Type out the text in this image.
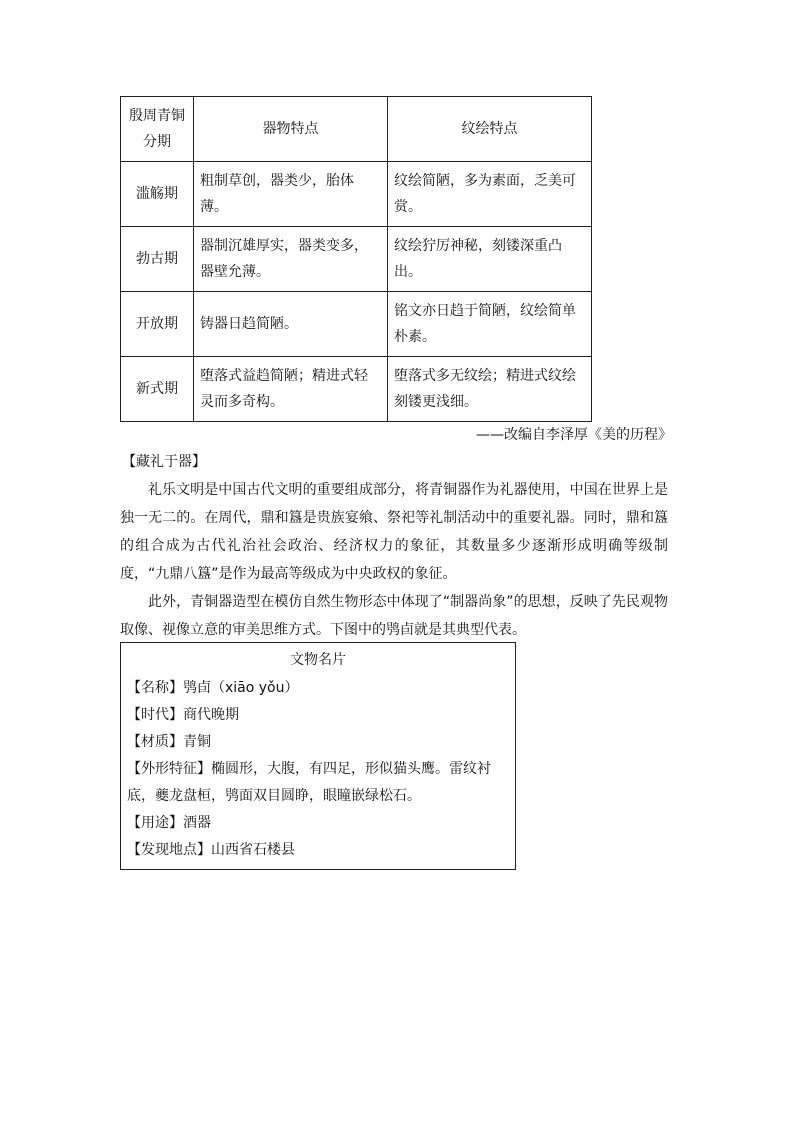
殷周青铜分期	器物特点	纹绘特点
滥觞期	粗制草创，器类少，胎体薄。	纹绘简陋，多为素面，乏美可赏。
勃古期	器制沉雄厚实，器类变多，器壁允薄。	纹绘狞厉神秘，刻镂深重凸出。
开放期	铸器日趋简陋。	铭文亦日趋于简陋，纹绘简单朴素。
新式期	堕落式益趋简陋；精进式轻灵而多奇构。	堕落式多无纹绘；精进式纹绘刻镂更浅细。
——改编自李泽厚《美的历程》
【藏礼于器】

礼乐文明是中国古代文明的重要组成部分，将青铜器作为礼器使用，中国在世界上是独一无二的。在周代，鼎和簋是贵族宴飨、祭祀等礼制活动中的重要礼器。同时，鼎和簋的组合成为古代礼治社会政治、经济权力的象征，其数量多少逐渐形成明确等级制度，“九鼎八簋”是作为最高等级成为中央政权的象征。

此外，青铜器造型在模仿自然生物形态中体现了“制器尚象”的思想，反映了先民观物取像、视像立意的审美思维方式。下图中的鸮卣就是其典型代表。

文物名片
【名称】鸮卣（xiāo yǒu）
【时代】商代晚期
【材质】青铜
【外形特征】椭圆形，大腹，有四足，形似猫头鹰。雷纹衬底，夔龙盘桓，鸮面双目圆睁，眼瞳嵌绿松石。
【用途】酒器
【发现地点】山西省石楼县
